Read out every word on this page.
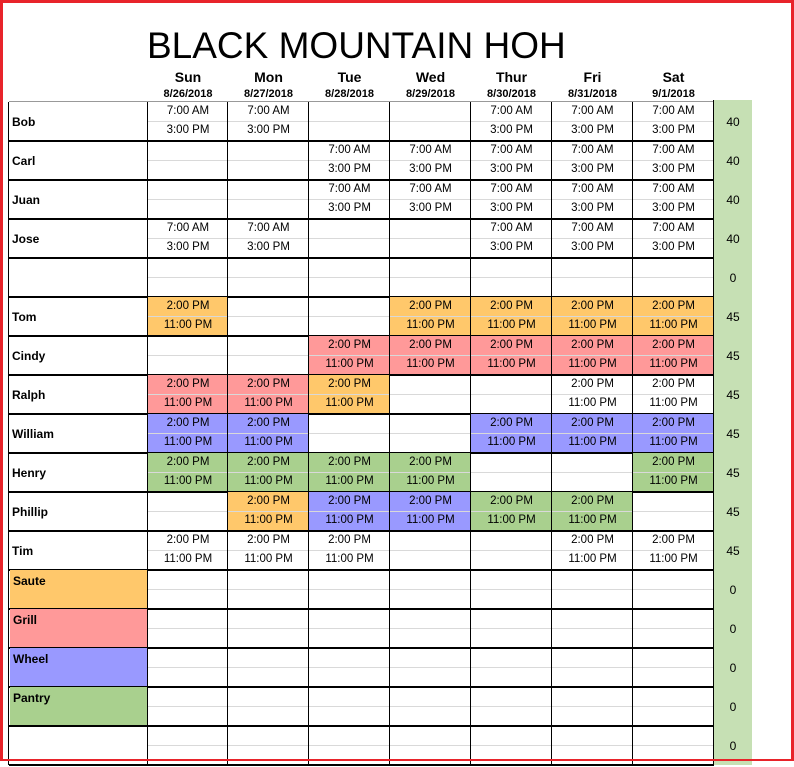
BLACK MOUNTAIN HOH
Sun
8/26/2018
Mon
8/27/2018
Tue
8/28/2018
Wed
8/29/2018
Thur
8/30/2018
Fri
8/31/2018
Sat
9/1/2018
Bob
7:00 AM
3:00 PM
7:00 AM
3:00 PM
7:00 AM
3:00 PM
7:00 AM
3:00 PM
7:00 AM
3:00 PM
40
Carl
7:00 AM
3:00 PM
7:00 AM
3:00 PM
7:00 AM
3:00 PM
7:00 AM
3:00 PM
7:00 AM
3:00 PM
40
Juan
7:00 AM
3:00 PM
7:00 AM
3:00 PM
7:00 AM
3:00 PM
7:00 AM
3:00 PM
7:00 AM
3:00 PM
40
Jose
7:00 AM
3:00 PM
7:00 AM
3:00 PM
7:00 AM
3:00 PM
7:00 AM
3:00 PM
7:00 AM
3:00 PM
40
0
Tom
2:00 PM
11:00 PM
2:00 PM
11:00 PM
2:00 PM
11:00 PM
2:00 PM
11:00 PM
2:00 PM
11:00 PM
45
Cindy
2:00 PM
11:00 PM
2:00 PM
11:00 PM
2:00 PM
11:00 PM
2:00 PM
11:00 PM
2:00 PM
11:00 PM
45
Ralph
2:00 PM
11:00 PM
2:00 PM
11:00 PM
2:00 PM
11:00 PM
2:00 PM
11:00 PM
2:00 PM
11:00 PM
45
William
2:00 PM
11:00 PM
2:00 PM
11:00 PM
2:00 PM
11:00 PM
2:00 PM
11:00 PM
2:00 PM
11:00 PM
45
Henry
2:00 PM
11:00 PM
2:00 PM
11:00 PM
2:00 PM
11:00 PM
2:00 PM
11:00 PM
2:00 PM
11:00 PM
45
Phillip
2:00 PM
11:00 PM
2:00 PM
11:00 PM
2:00 PM
11:00 PM
2:00 PM
11:00 PM
2:00 PM
11:00 PM
45
Tim
2:00 PM
11:00 PM
2:00 PM
11:00 PM
2:00 PM
11:00 PM
2:00 PM
11:00 PM
2:00 PM
11:00 PM
45
Saute
0
Grill
0
Wheel
0
Pantry
0
0
